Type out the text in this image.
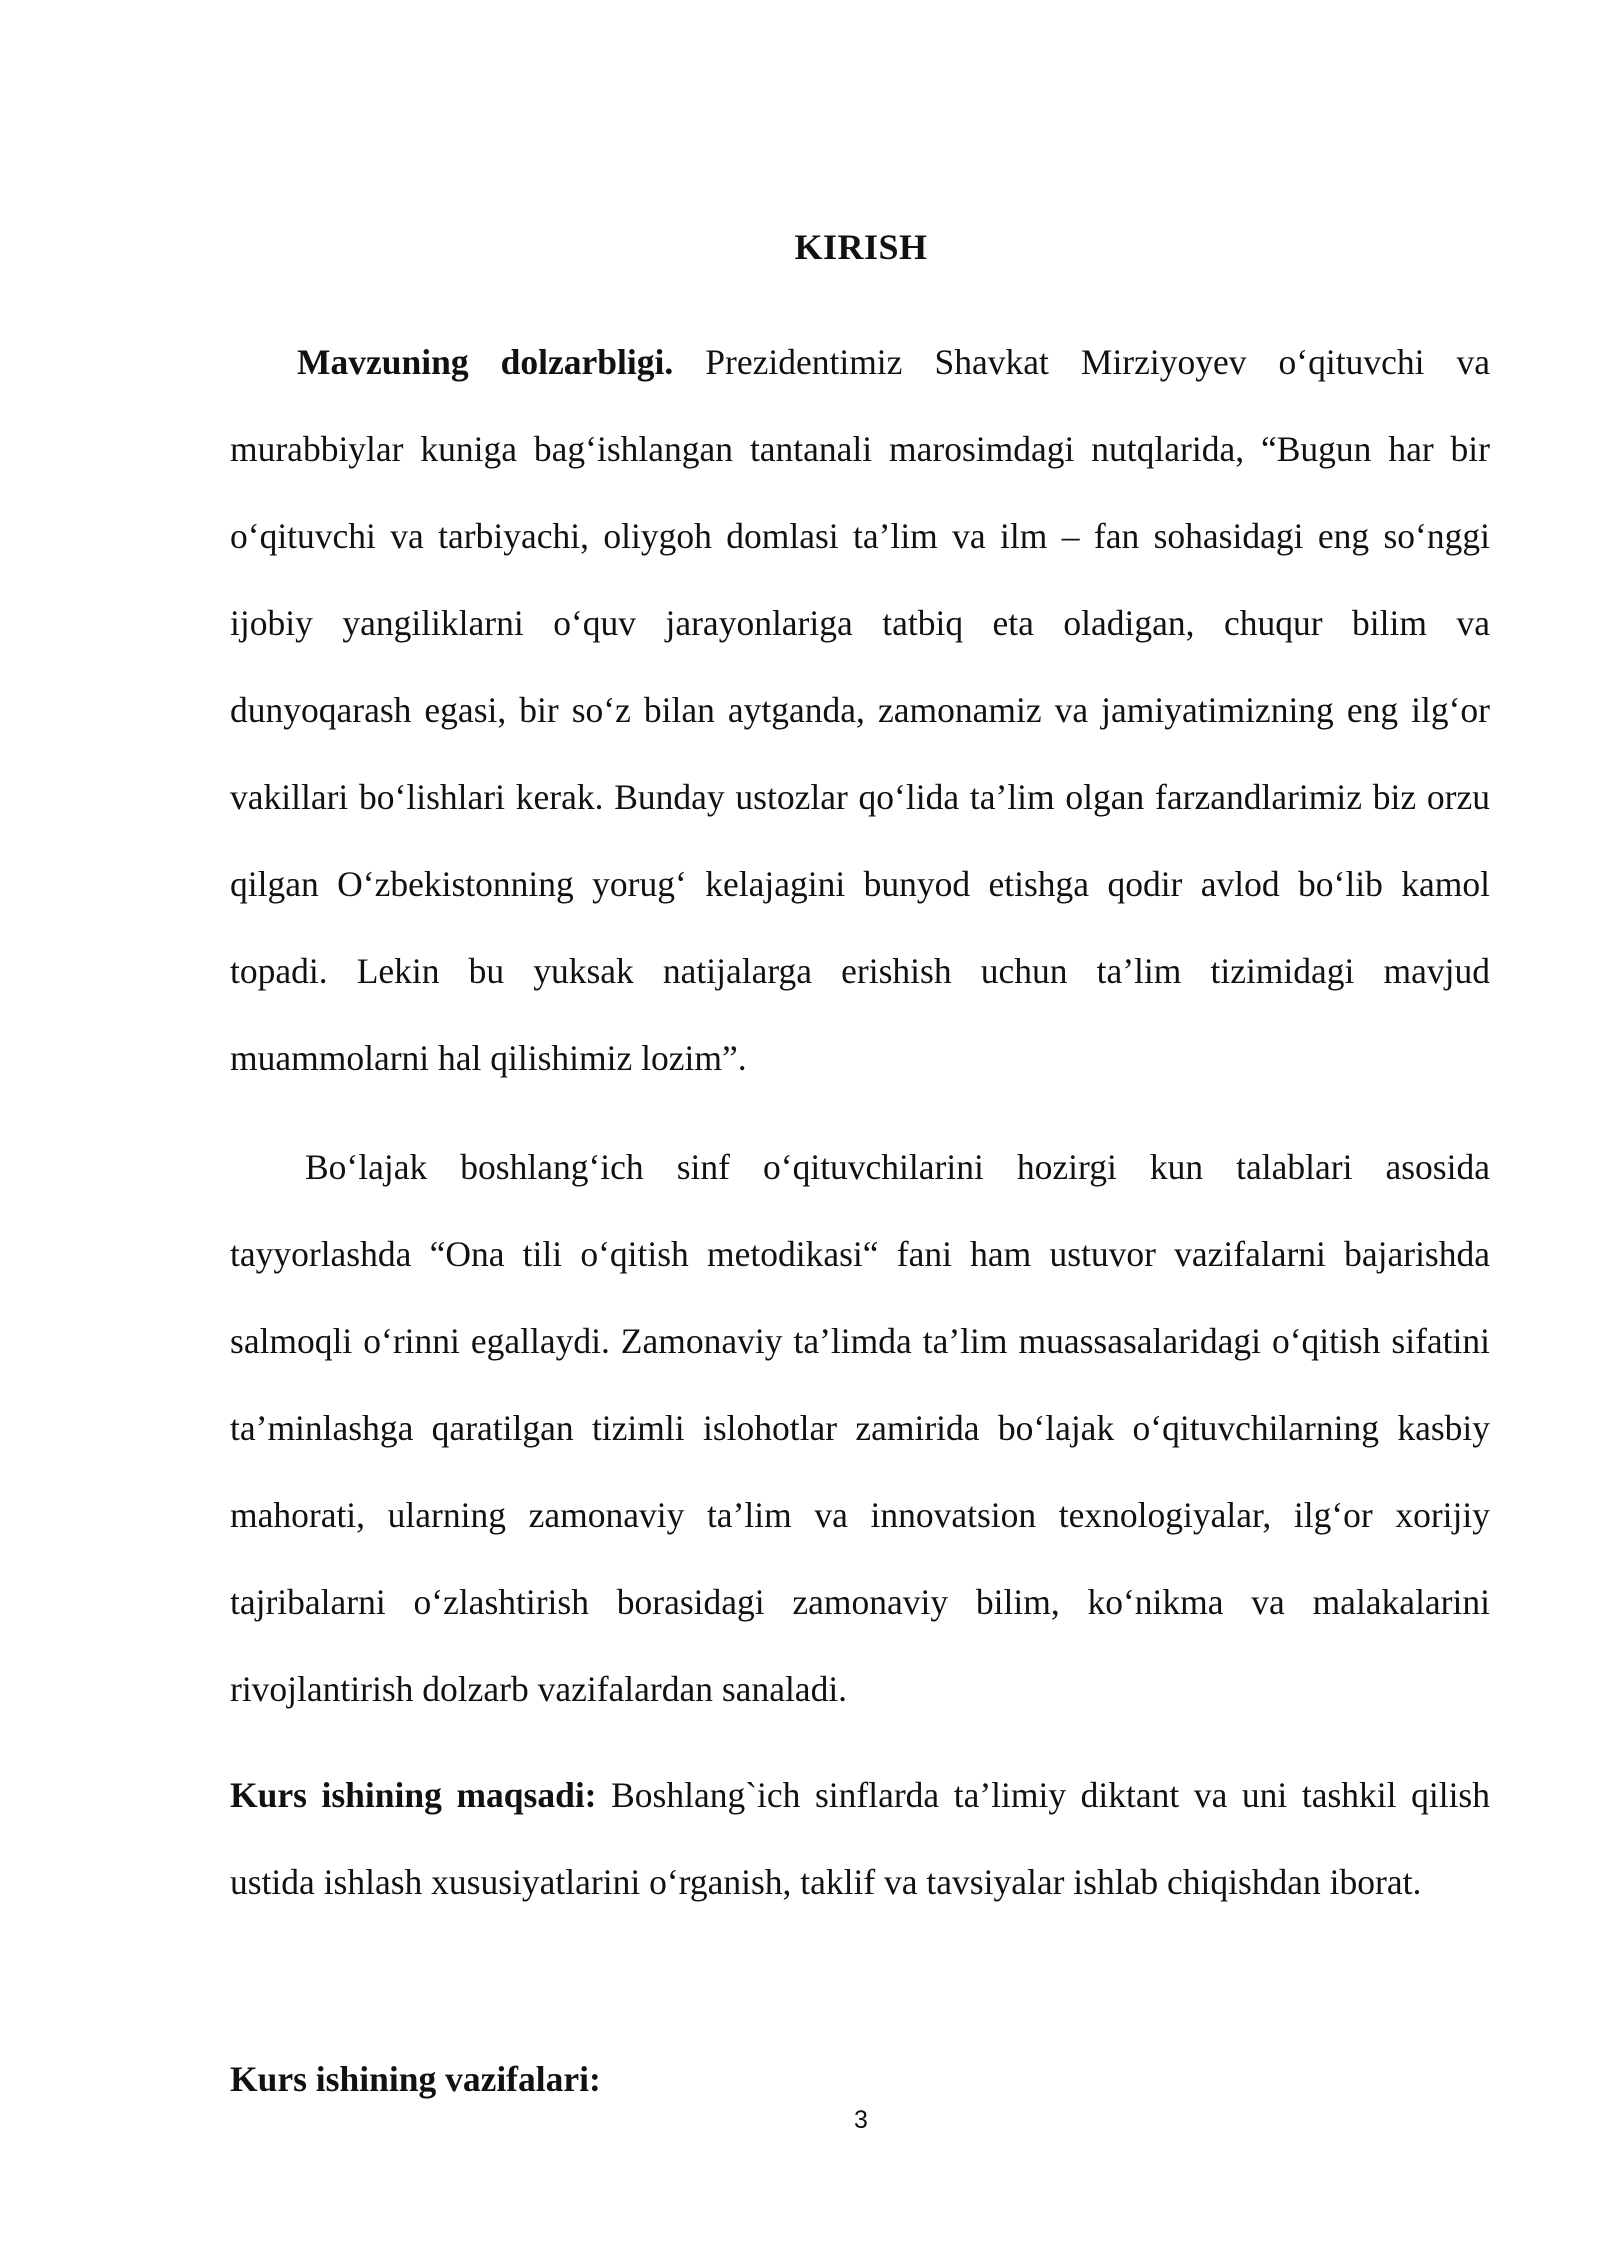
KIRISH
Mavzuning dolzarbligi. Prezidentimiz Shavkat Mirziyoyev o‘qituvchi va murabbiylar kuniga bag‘ishlangan tantanali marosimdagi nutqlarida, “Bugun har bir o‘qituvchi va tarbiyachi, oliygoh domlasi ta’lim va ilm – fan sohasidagi eng so‘nggi ijobiy yangiliklarni o‘quv jarayonlariga tatbiq eta oladigan, chuqur bilim va dunyoqarash egasi, bir so‘z bilan aytganda, zamonamiz va jamiyatimizning eng ilg‘or vakillari bo‘lishlari kerak. Bunday ustozlar qo‘lida ta’lim olgan farzandlarimiz biz orzu qilgan O‘zbekistonning yorug‘ kelajagini bunyod etishga qodir avlod bo‘lib kamol topadi. Lekin bu yuksak natijalarga erishish uchun ta’lim tizimidagi mavjud muammolarni hal qilishimiz lozim”.
Bo‘lajak boshlang‘ich sinf o‘qituvchilarini hozirgi kun talablari asosida tayyorlashda “Ona tili o‘qitish metodikasi“ fani ham ustuvor vazifalarni bajarishda salmoqli o‘rinni egallaydi. Zamonaviy ta’limda ta’lim muassasalaridagi o‘qitish sifatini ta’minlashga qaratilgan tizimli islohotlar zamirida bo‘lajak o‘qituvchilarning kasbiy mahorati, ularning zamonaviy ta’lim va innovatsion texnologiyalar, ilg‘or xorijiy tajribalarni o‘zlashtirish borasidagi zamonaviy bilim, ko‘nikma va malakalarini rivojlantirish dolzarb vazifalardan sanaladi.
Kurs ishining maqsadi: Boshlang`ich sinflarda ta’limiy diktant va uni tashkil qilish ustida ishlash xususiyatlarini o‘rganish, taklif va tavsiyalar ishlab chiqishdan iborat.
Kurs ishining vazifalari:
3
